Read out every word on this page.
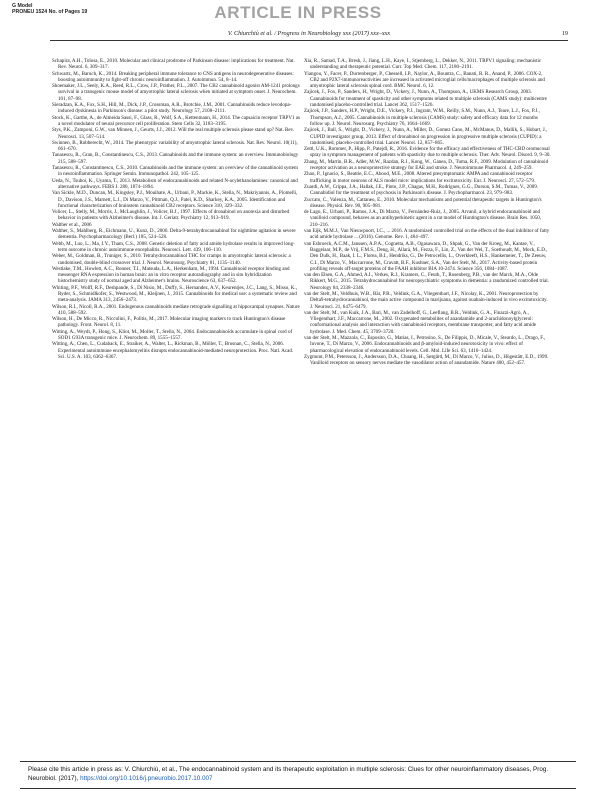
G Model
PRONEU 1524 No. of Pages 19	ARTICLE IN PRESS
V. Chiurchiù et al. / Progress in Neurobiology xxx (2017) xxx–xxx	19

Schapira, A.H., Tolosa, E., 2010. Molecular and clinical prodrome of Parkinson disease: implications for treatment. Nat. Rev. Neurol. 6, 309–317.

Schwartz, M., Baruch, K., 2014. Breaking peripheral immune tolerance to CNS antigens in neurodegenerative diseases: boosting autoimmunity to fight-off chronic neuroinflammation. J. Autoimmun. 54, 8–14.

Shoemaker, J.L., Seely, K.A., Reed, R.L., Crow, J.P., Prather, P.L., 2007. The CB2 cannabinoid agonist AM-1241 prolongs survival in a transgenic mouse model of amyotrophic lateral sclerosis when initiated at symptom onset. J. Neurochem. 101, 87–98.

Sieradzan, K.A., Fox, S.H., Hill, M., Dick, J.P., Crossman, A.R., Brotchie, J.M., 2001. Cannabinoids reduce levodopa-induced dyskinesia in Parkinson's disease: a pilot study. Neurology 57, 2108–2111.

Stock, K., Garthe, A., de Almeida Sassi, F., Glass, R., Wolf, S.A., Kettenmann, H., 2014. The capsaicin receptor TRPV1 as a novel modulator of neural precursor cell proliferation. Stem Cells 32, 3183–3195.

Stys, P.K., Zamponi, G.W., van Minnen, J., Geurts, J.J., 2012. Will the real multiple sclerosis please stand up? Nat. Rev. Neurosci. 13, 507–514.

Swinnen, B., Robberecht, W., 2014. The phenotypic variability of amyotrophic lateral sclerosis. Nat. Rev. Neurol. 10(11), 661–670.

Tanasescu, R., Gran, B., Constantinescu, C.S., 2013. Cannabinoids and the immune system: an overview. Immunobiology 215, 588–597.

Tanasescu, R., Constantinescu, C.S., 2010. Cannabinoids and the immune system: an overview of the cannabinoid system in neuroinflammation. Springer Semin. Immunopathol. 242, 105–125.

Ueda, N., Tsuboi, K., Uyama, T., 2013. Metabolism of endocannabinoids and related N-acylethanolamines: canonical and alternative pathways. FEBS J. 280, 1874–1894.

Van Sickle, M.D., Duncan, M., Kingsley, P.J., Mouihate, A., Urbani, P., Mackie, K., Stella, N., Makriyannis, A., Piomelli, D., Davison, J.S., Marnett, L.J., Di Marzo, V., Pittman, Q.J., Patel, K.D., Sharkey, K.A., 2005. Identification and functional characterization of brainstem cannabinoid CB2 receptors. Science 310, 329–332.

Volicer, L., Stelly, M., Morris, J., McLaughlin, J., Volicer, B.J., 1997. Effects of dronabinol on anorexia and disturbed behavior in patients with Alzheimer's disease. Int. J. Geriatr. Psychiatry 12, 913–919.

Walther et al., 2006

Walther, S., Mahlberg, R., Eichmann, U., Kunz, D., 2006. Delta-9-tetrahydrocannabinol for nighttime agitation in severe dementia. Psychopharmacology (Berl.) 185, 524–528.

Webb, M., Luo, L., Ma, J.Y., Tham, C.S., 2008. Genetic deletion of fatty acid amide hydrolase results in improved long-term outcome in chronic autoimmune encephalitis. Neurosci. Lett. 439, 106–110.

Weber, M., Goldman, B., Truniger, S., 2010. Tetrahydrocannabinol THC for cramps in amyotrophic lateral sclerosis: a randomised, double-blind crossover trial. J. Neurol. Neurosurg. Psychiatry 81, 1135–1140.

Westlake, T.M., Howlett, A.C., Bonner, T.I., Matsuda, L.A., Herkenham, M., 1994. Cannabinoid receptor binding and messenger RNA expression in human brain: an in vitro receptor autoradiography and in situ hybridization histochemistry study of normal aged and Alzheimer's brains. Neuroscience 63, 637–652.

Whiting, P.F., Wolff, R.F., Deshpande, S., Di Nisio, M., Duffy, S., Hernandez, A.V., Keurentjes, J.C., Lang, S., Misso, K., Ryder, S., Schmidlkofer, S., Westwood, M., Kleijnen, J., 2015. Cannabinoids for medical use: a systematic review and meta-analysis. JAMA 313, 2456–2473.

Wilson, R.I., Nicoll, R.A., 2001. Endogenous cannabinoids mediate retrograde signalling at hippocampal synapses. Nature 410, 588–592.

Wilson, H., De Micco, R., Niccolini, F., Politis, M., 2017. Molecular imaging markers to track Huntington's disease pathology. Front. Neurol. 8, 11.

Witting, A., Weydt, P., Hong, S., Kliot, M., Moller, T., Stella, N., 2004. Endocannabinoids accumulate in spinal cord of SOD1 G93A transgenic mice. J. Neurochem. 89, 1555–1557.

Witting, A., Chen, L., Cudaback, E., Straiker, A., Walter, L., Rickman, B., Möller, T., Brosnan, C., Stella, N., 2006. Experimental autoimmune encephalomyelitis disrupts endocannabinoid-mediated neuroprotection. Proc. Natl. Acad. Sci. U.S. A. 103, 6362–6367.

Xia, R., Samad, T.A., Bresh, J., Jiang, L.H., Kaye, I., Stjemberg, L., Dekker, N., 2011. TRPV1 signaling: mechanistic understanding and therapeutic potential. Curr. Top Med. Chem. 117, 2180–2191.

Yiangou, Y., Facer, P., Durrenberger, P., Chessell, I.P., Naylor, A., Bountra, C., Banati, R. R., Anand, P., 2006. COX-2, CB2 and P2X7-immunoreactivities are increased in activated microglial cells/macrophages of multiple sclerosis and amyotrophic lateral sclerosis spinal cord. BMC Neurol. 6, 12.

Zajicek, J., Fox, P., Sanders, H., Wright, D., Vickery, J., Nunn, A., Thompson, A., UKMS Research Group, 2003. Cannabinoids for treatment of spasticity and other symptoms related to multiple sclerosis (CAMS study): multicentre randomised placebo-controlled trial. Lancet 362, 1517–1526.

Zajicek, J.P., Sanders, H.P., Wright, D.E., Vickery, P.J., Ingram, W.M., Reilly, S.M., Nunn, A.J., Teare, L.J., Fox, P.J., Thompson, A.J., 2005. Cannabinoids in multiple sclerosis (CAMS) study: safety and efficacy data for 12 months follow up. J. Neurol. Neurosurg. Psychiatry 76, 1664–1669.

Zajicek, J., Ball, S., Wright, D., Vickery, J., Nunn, A., Miller, D., Gomez Cano, M., McManus, D., Mallik, S., Hobart, J., CUPID investigator group, 2013. Effect of dronabinol on progression in progressive multiple sclerosis (CUPID): a randomised, placebo-controlled trial. Lancet Neurol. 12, 857–865.

Zettl, U.K., Rommer, P., Hipp, P., Patejdl, R., 2016. Evidence for the efficacy and effectiveness of THC-CBD oromucosal spray in symptom management of patients with spasticity due to multiple sclerosis. Ther. Adv. Neurol. Disord. 9, 9–30.

Zhang, M., Martin, B.R., Adler, M.W., Razdan, R.J., Kong, W., Ganea, D., Tuma, R.F., 2009. Modulation of cannabinoid receptor activation as a neuroprotective strategy for EAE and stroke. J. Neuroimmune Pharmacol. 4, 249–259.

Zhao, P., Ignacio, S., Beattie, E.C., Abood, M.E., 2008. Altered presymptomatic AMPA and cannabinoid receptor trafficking in motor neurons of ALS model mice: implications for excitotoxicity. Eur. J. Neurosci. 27, 572–579.

Zuardi, A.W., Crippa, J.A., Hallak, J.E., Pinto, J.P., Chagas, M.H., Rodrigues, G.G., Dursun, S.M., Tumas, V., 2009. Cannabidiol for the treatment of psychosis in Parkinson's disease. J. Psychopharmacol. 23, 979–983.

Zuccato, C., Valenza, M., Cattaneo, E., 2010. Molecular mechanisms and potential therapeutic targets in Huntington's disease. Physiol. Rev. 90, 905–981.

de Lago, E., Urbani, P., Ramos, J.A., Di Marzo, V., Fernández-Ruiz, J., 2005. Arvanil, a hybrid endocannabinoid and vanilloid compound, behaves as an antihyperkinetic agent in a rat model of Huntington's disease. Brain Res. 1050, 210–216.

van Eijk, M.M.J., Van Nieuwpoort, I.C., ... 2016. A randomized controlled trial on the effects of the dual inhibitor of fatty acid amide hydrolase ... (2016). Genome. Rev. 1, 484–497.

van Esbroeck, A.C.M., Janssen, A.P.A., Cognetta, A.B., Ogasawara, D., Shpak, G., Van der Kroeg, M., Kantae, V., Baggelaar, M.P., de Vrij, F.M.S., Deng, H., Allarà, M., Fezza, F., Lin, Z., Van der Wel, T., Soethoudt, M., Mock, E.D., Den Dulk, H., Baak, I. L., Florea, B.I., Hendriks, G., De Petrocellis, L., Overkleeft, H.S., Hankemeier, T., De Zeeuw, C.I., Di Marzo, V., Maccarrone, M., Cravatt, B.F., Kushner, S.A., Van der Stelt, M., 2017. Activity-based protein profiling reveals off-target proteins of the FAAH inhibitor BIA 10-2474. Science 356, 1084–1087.

van den Elsen, G.A., Ahmed, A.I., Verkes, R.J., Kramers, C., Feuth, T., Rosenberg, P.B., van der Marck, M.A., Olde Rikkert, M.G., 2015. Tetrahydrocannabinol for neuropsychiatric symptoms in dementia: a randomized controlled trial. Neurology 84, 2338–2346.

van der Stelt, M., Veldhuis, W.B., Bär, P.R., Veldink, G.A., Vliegenthart, J.F., Nicolay, K., 2001. Neuroprotection by Delta9-tetrahydrocannabinol, the main active compound in marijuana, against ouabain-induced in vivo excitotoxicity. J. Neurosci. 21, 6475–6479.

van der Stelt, M., van Kuik, J.A., Bari, M., van Zadelhoff, G., Leeflang, B.R., Veldink, G. A., Finazzi-Agrò, A., Vliegenthart, J.F., Maccarrone, M., 2002. Oxygenated metabolites of anandamide and 2-arachidonoylglycerol: conformational analysis and interaction with cannabinoid receptors, membrane transporter, and fatty acid amide hydrolase. J. Med. Chem. 45, 3709–3720.

van der Stelt, M., Mazzola, C., Esposito, G., Matias, I., Petrosino, S., De Filippis, D., Micale, V., Steardo, L., Drago, F., Iuvone, T., Di Marzo, V., 2006. Endocannabinoids and β-amyloid-induced neurotoxicity in vivo: effect of pharmacological elevation of endocannabinoid levels. Cell. Mol. Life Sci. 63, 1410–1424.

Zygmunt, P.M., Petersson, J., Andersson, D.A., Chuang, H., Sørgård, M., Di Marzo, V., Julius, D., Högestätt, E.D., 1999. Vanilloid receptors on sensory nerves mediate the vasodilator action of anandamide. Nature 400, 452–457.

Please cite this article in press as: V. Chiurchiù, et al., The endocannabinoid system and its therapeutic exploitation in multiple sclerosis: Clues for other neuroinflammatory diseases, Prog. Neurobiol. (2017), https://doi.org/10.1016/j.pneurobio.2017.10.007
